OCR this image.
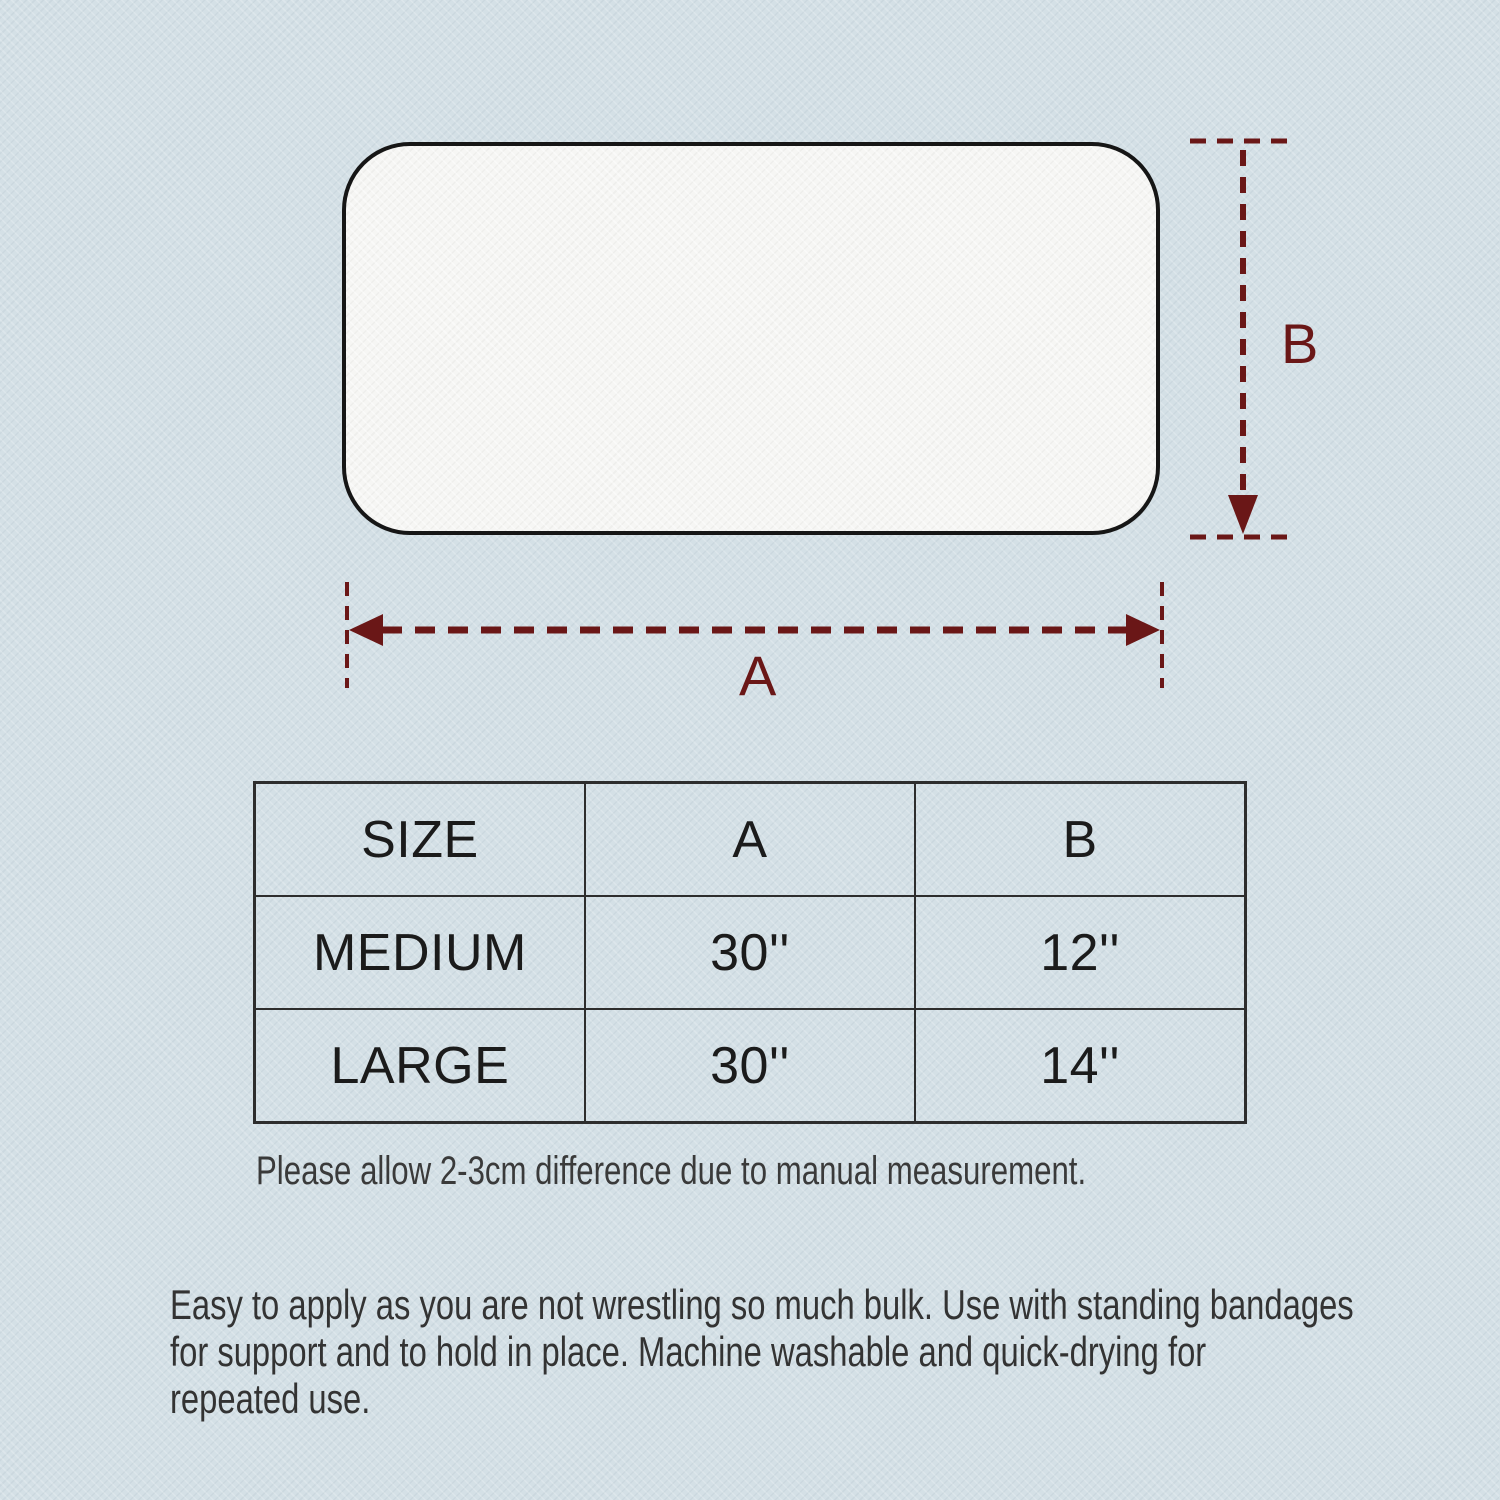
A
B
SIZE	A	B
MEDIUM	30''	12''
LARGE	30''	14''
Please allow 2-3cm difference due to manual measurement.
Easy to apply as you are not wrestling so much bulk. Use with standing bandages
for support and to hold in place. Machine washable and quick-drying for
repeated use.
